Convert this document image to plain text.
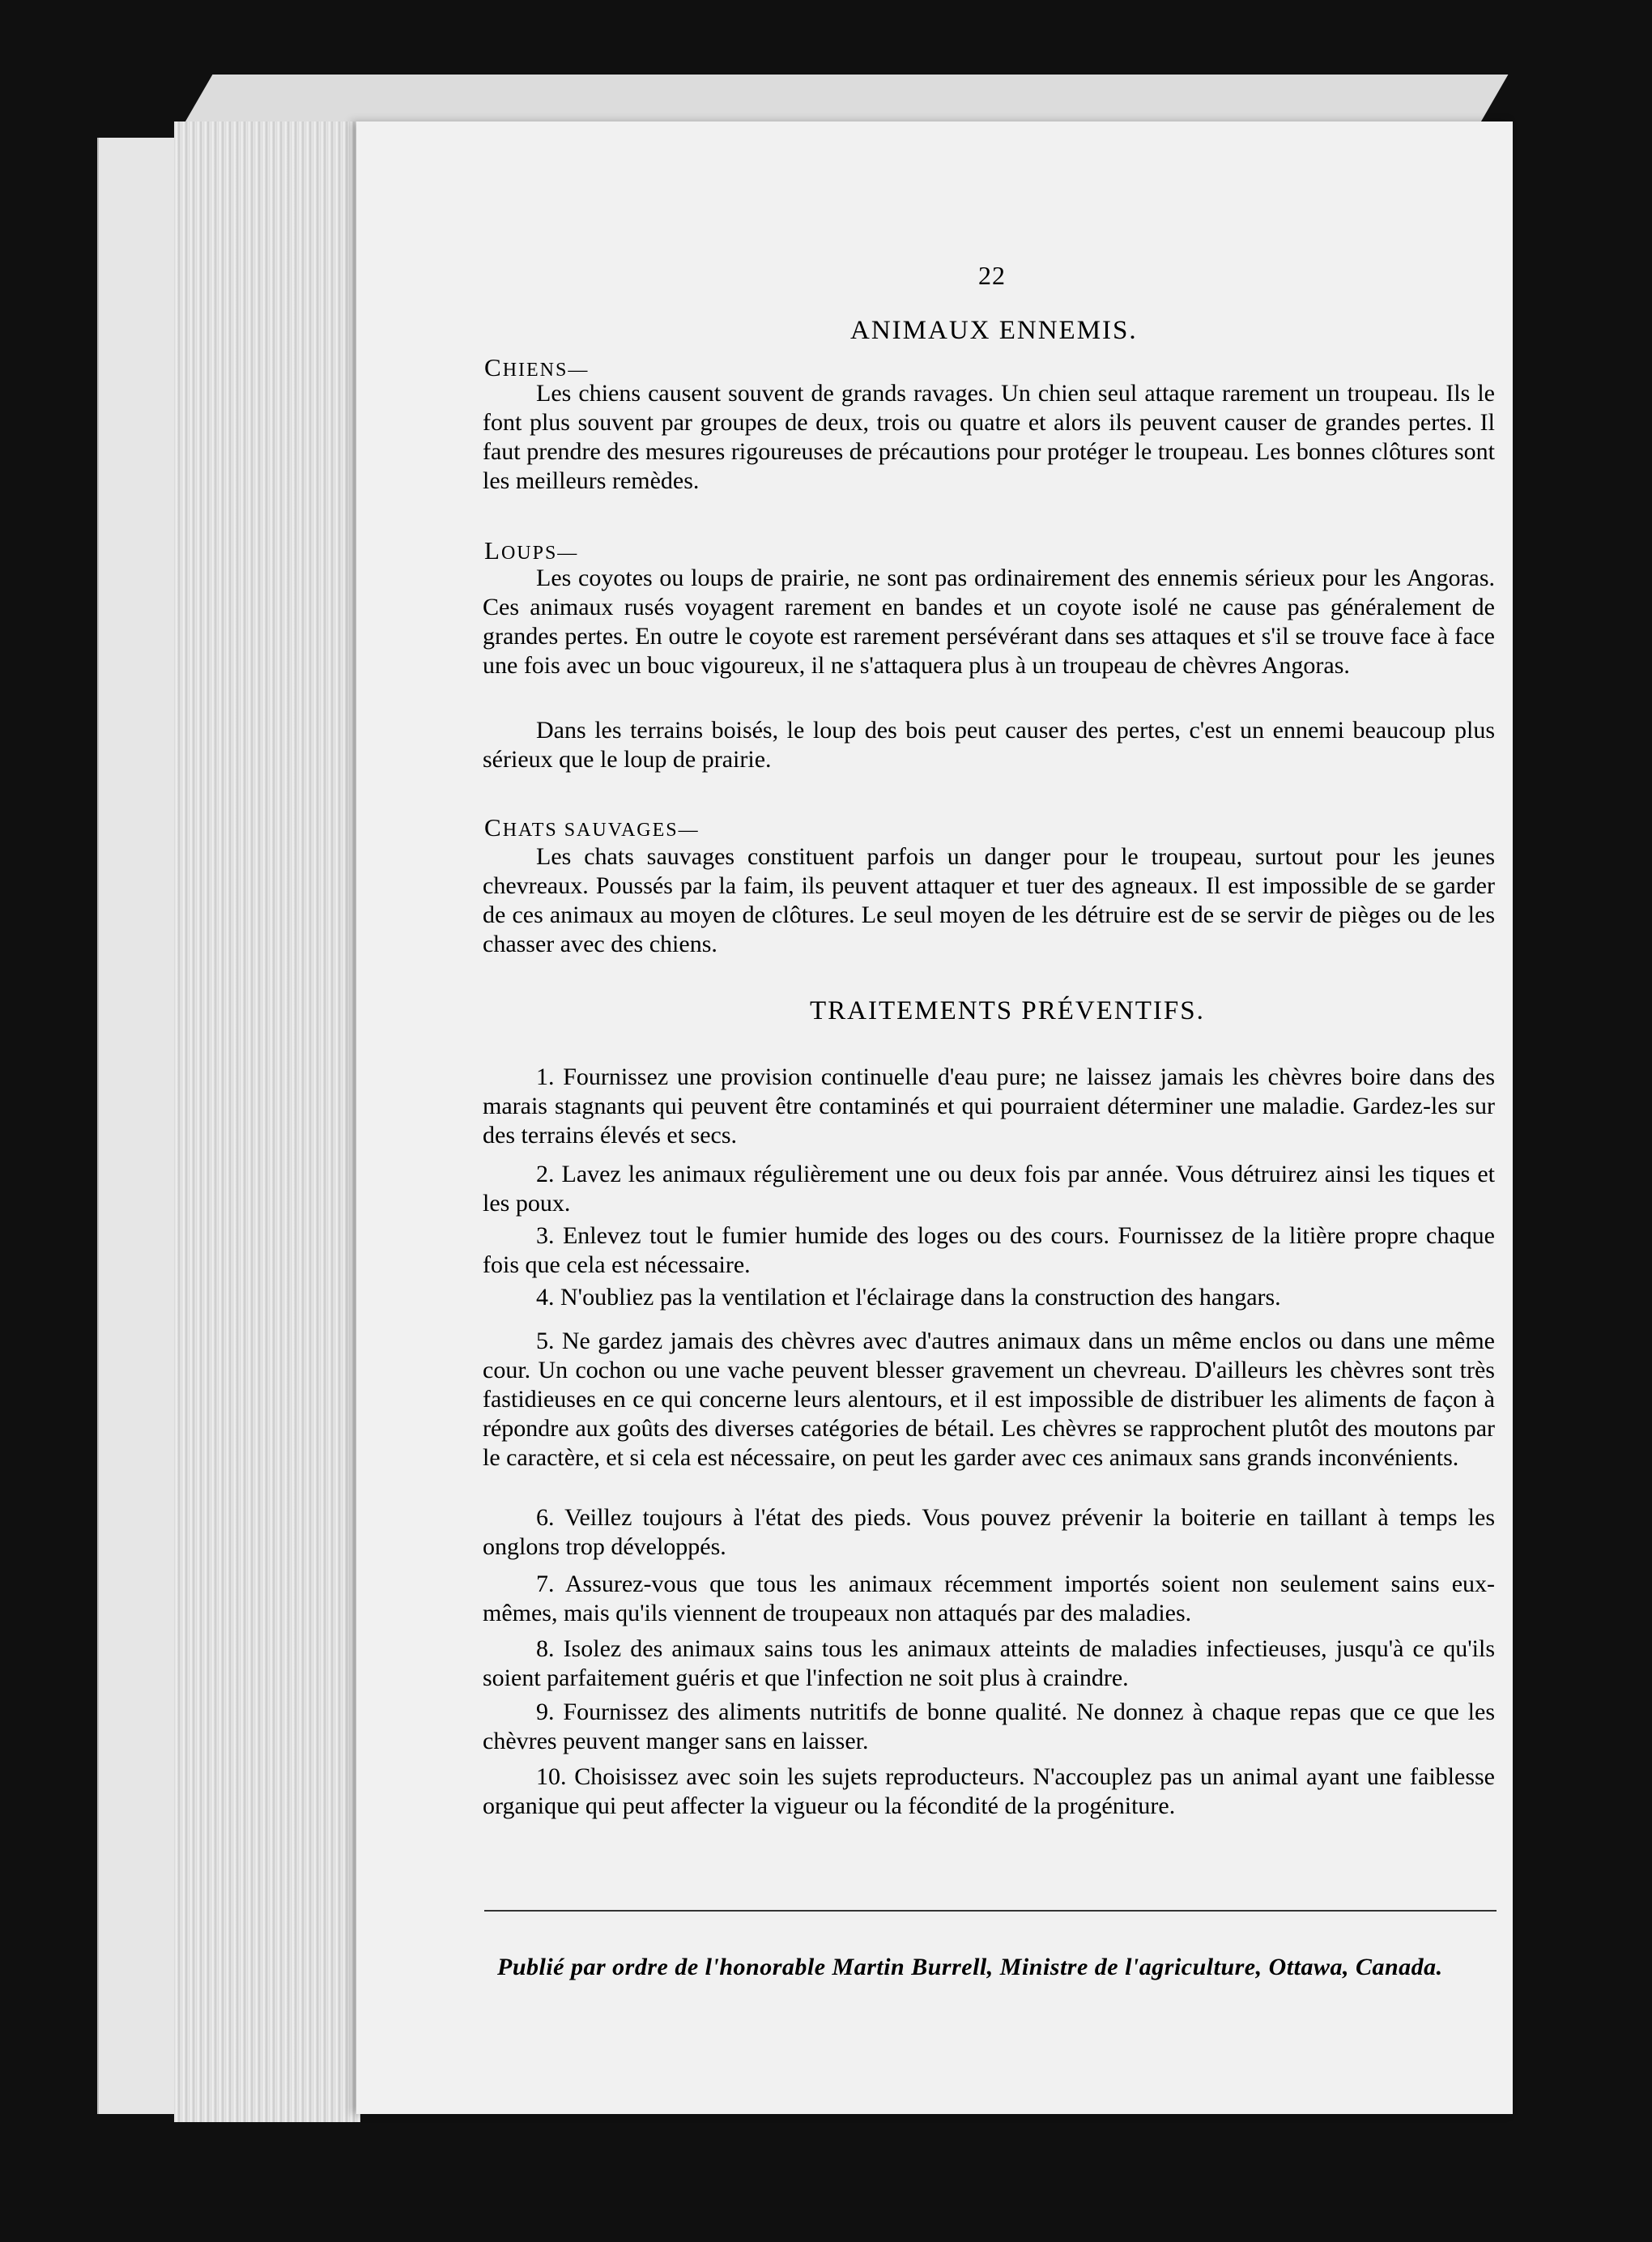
22
ANIMAUX ENNEMIS.
CHIENS—

Les chiens causent souvent de grands ravages. Un chien seul attaque rarement un troupeau. Ils le font plus souvent par groupes de deux, trois ou quatre et alors ils peuvent causer de grandes pertes. Il faut prendre des mesures rigoureuses de précautions pour protéger le troupeau. Les bonnes clôtures sont les meilleurs remèdes.

LOUPS—

Les coyotes ou loups de prairie, ne sont pas ordinairement des ennemis sérieux pour les Angoras. Ces animaux rusés voyagent rarement en bandes et un coyote isolé ne cause pas généralement de grandes pertes. En outre le coyote est rarement persévérant dans ses attaques et s'il se trouve face à face une fois avec un bouc vigoureux, il ne s'attaquera plus à un troupeau de chèvres Angoras.

Dans les terrains boisés, le loup des bois peut causer des pertes, c'est un ennemi beaucoup plus sérieux que le loup de prairie.

CHATS SAUVAGES—

Les chats sauvages constituent parfois un danger pour le troupeau, surtout pour les jeunes chevreaux. Poussés par la faim, ils peuvent attaquer et tuer des agneaux. Il est impossible de se garder de ces animaux au moyen de clôtures. Le seul moyen de les détruire est de se servir de pièges ou de les chasser avec des chiens.

TRAITEMENTS PRÉVENTIFS.

1. Fournissez une provision continuelle d'eau pure; ne laissez jamais les chèvres boire dans des marais stagnants qui peuvent être contaminés et qui pourraient déterminer une maladie. Gardez-les sur des terrains élevés et secs.

2. Lavez les animaux régulièrement une ou deux fois par année. Vous détruirez ainsi les tiques et les poux.

3. Enlevez tout le fumier humide des loges ou des cours. Fournissez de la litière propre chaque fois que cela est nécessaire.

4. N'oubliez pas la ventilation et l'éclairage dans la construction des hangars.

5. Ne gardez jamais des chèvres avec d'autres animaux dans un même enclos ou dans une même cour. Un cochon ou une vache peuvent blesser gravement un chevreau. D'ailleurs les chèvres sont très fastidieuses en ce qui concerne leurs alentours, et il est impossible de distribuer les aliments de façon à répondre aux goûts des diverses catégories de bétail. Les chèvres se rapprochent plutôt des moutons par le caractère, et si cela est nécessaire, on peut les garder avec ces animaux sans grands inconvénients.

6. Veillez toujours à l'état des pieds. Vous pouvez prévenir la boiterie en taillant à temps les onglons trop développés.

7. Assurez-vous que tous les animaux récemment importés soient non seulement sains eux-mêmes, mais qu'ils viennent de troupeaux non attaqués par des maladies.

8. Isolez des animaux sains tous les animaux atteints de maladies infectieuses, jusqu'à ce qu'ils soient parfaitement guéris et que l'infection ne soit plus à craindre.

9. Fournissez des aliments nutritifs de bonne qualité. Ne donnez à chaque repas que ce que les chèvres peuvent manger sans en laisser.

10. Choisissez avec soin les sujets reproducteurs. N'accouplez pas un animal ayant une faiblesse organique qui peut affecter la vigueur ou la fécondité de la progéniture.

Publié par ordre de l'honorable Martin Burrell, Ministre de l'agriculture, Ottawa, Canada.
